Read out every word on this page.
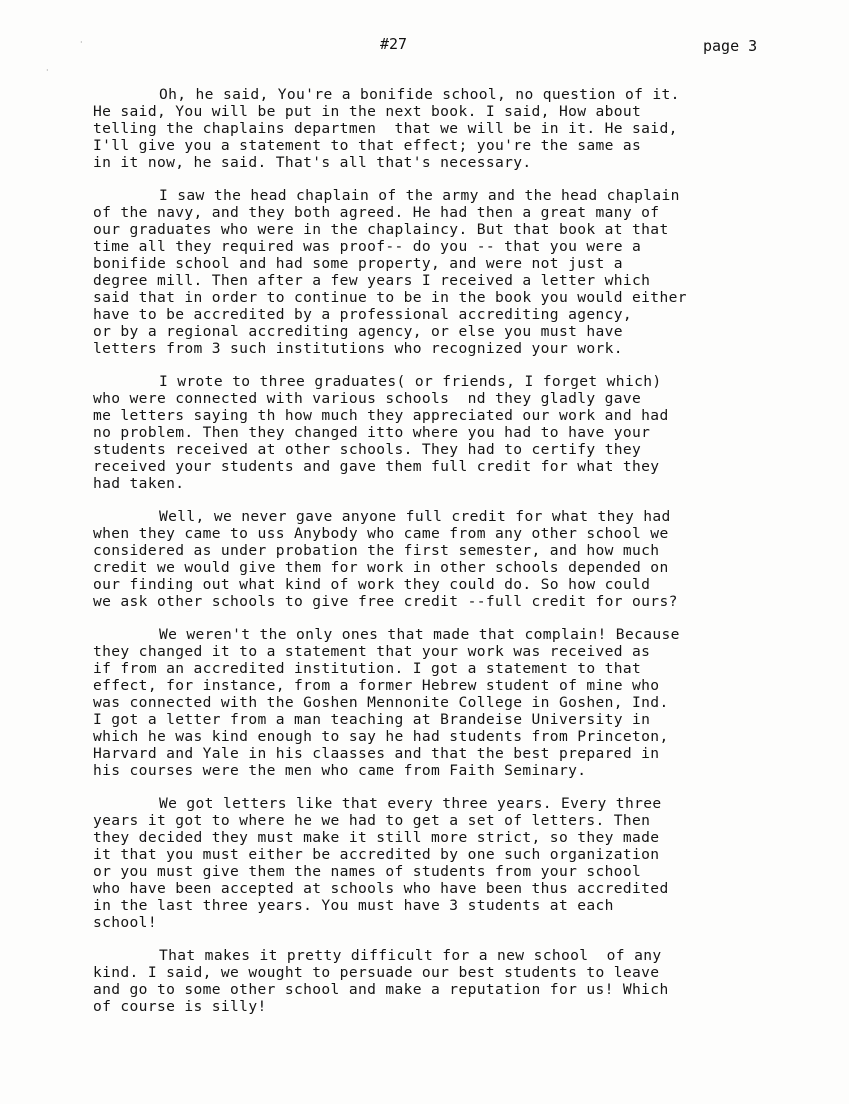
·
·
#27	page 3
Oh, he said, You're a bonifide school, no question of it.
He said, You will be put in the next book. I said, How about
telling the chaplains departmen  that we will be in it. He said,
I'll give you a statement to that effect; you're the same as
in it now, he said. That's all that's necessary.
I saw the head chaplain of the army and the head chaplain
of the navy, and they both agreed. He had then a great many of
our graduates who were in the chaplaincy. But that book at that
time all they required was proof-- do you -- that you were a
bonifide school and had some property, and were not just a
degree mill. Then after a few years I received a letter which
said that in order to continue to be in the book you would either
have to be accredited by a professional accrediting agency,
or by a regional accrediting agency, or else you must have
letters from 3 such institutions who recognized your work.
I wrote to three graduates( or friends, I forget which)
who were connected with various schools  nd they gladly gave
me letters saying th how much they appreciated our work and had
no problem. Then they changed itto where you had to have your
students received at other schools. They had to certify they
received your students and gave them full credit for what they
had taken.
Well, we never gave anyone full credit for what they had
when they came to uss Anybody who came from any other school we
considered as under probation the first semester, and how much
credit we would give them for work in other schools depended on
our finding out what kind of work they could do. So how could
we ask other schools to give free credit --full credit for ours?
We weren't the only ones that made that complain! Because
they changed it to a statement that your work was received as
if from an accredited institution. I got a statement to that
effect, for instance, from a former Hebrew student of mine who
was connected with the Goshen Mennonite College in Goshen, Ind.
I got a letter from a man teaching at Brandeise University in
which he was kind enough to say he had students from Princeton,
Harvard and Yale in his claasses and that the best prepared in
his courses were the men who came from Faith Seminary.
We got letters like that every three years. Every three
years it got to where he we had to get a set of letters. Then
they decided they must make it still more strict, so they made
it that you must either be accredited by one such organization
or you must give them the names of students from your school
who have been accepted at schools who have been thus accredited
in the last three years. You must have 3 students at each
school!
That makes it pretty difficult for a new school  of any
kind. I said, we wought to persuade our best students to leave
and go to some other school and make a reputation for us! Which
of course is silly!
